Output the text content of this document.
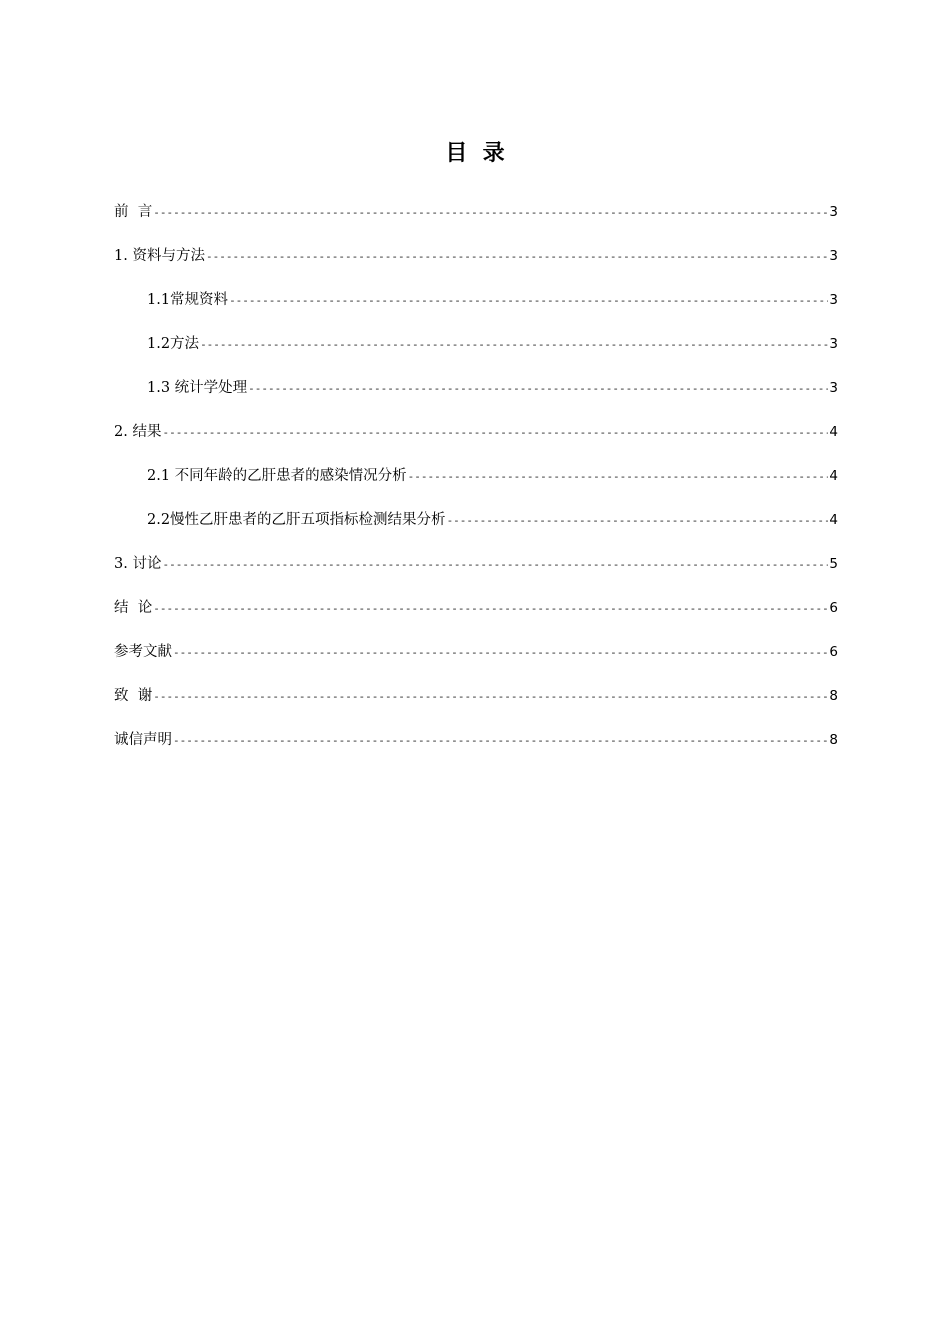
目  录
前  言 -----	3
1. 资料与方法 -----	3
1.1常规资料 -----	3
1.2方法 -----	3
1.3 统计学处理 -----	3
2. 结果 -----	4
2.1 不同年龄的乙肝患者的感染情况分析 -----	4
2.2慢性乙肝患者的乙肝五项指标检测结果分析 -----	4
3. 讨论 -----	5
结  论 -----	6
参考文献 -----	6
致  谢 -----	8
诚信声明 -----	8
